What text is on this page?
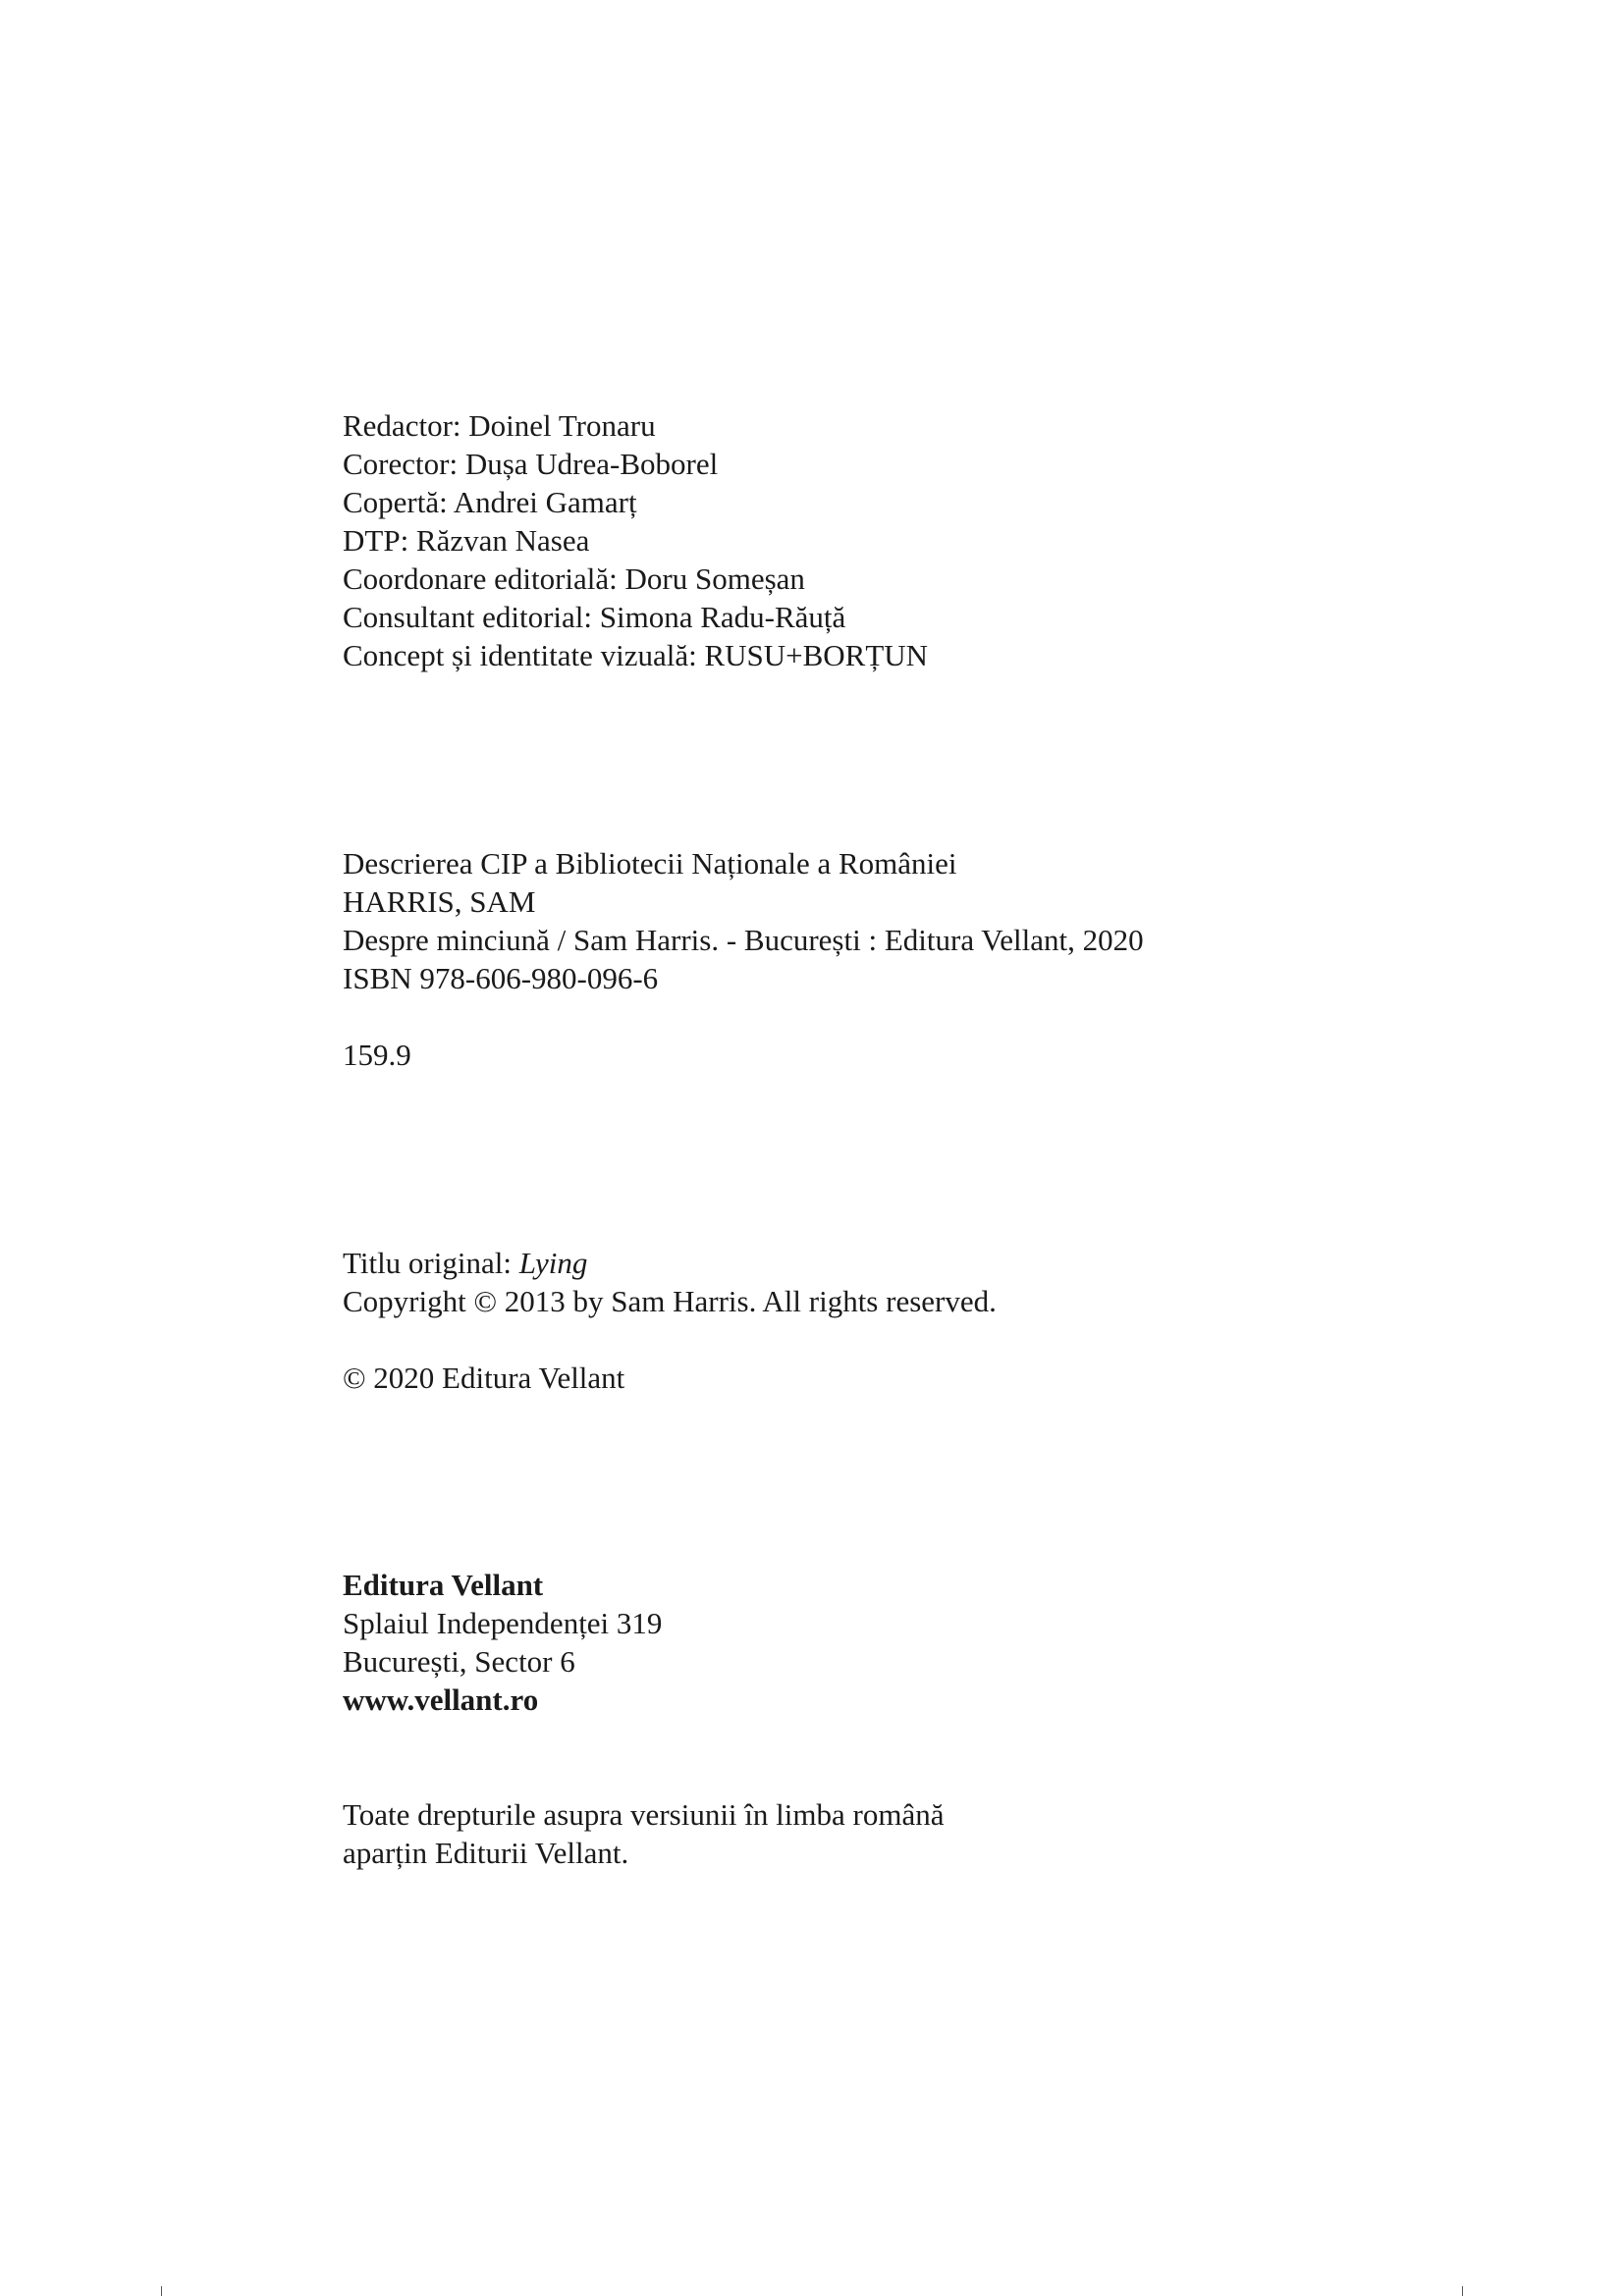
Redactor: Doinel Tronaru
Corector: Dușa Udrea-Boborel
Copertă: Andrei Gamarț
DTP: Răzvan Nasea
Coordonare editorială: Doru Someșan
Consultant editorial: Simona Radu-Răuță
Concept și identitate vizuală: RUSU+BORȚUN
Descrierea CIP a Bibliotecii Naționale a României
HARRIS, SAM
Despre minciună / Sam Harris. - București : Editura Vellant, 2020
ISBN 978-606-980-096-6
159.9
Titlu original: Lying
Copyright © 2013 by Sam Harris. All rights reserved.
© 2020 Editura Vellant
Editura Vellant
Splaiul Independenței 319
București, Sector 6
www.vellant.ro
Toate drepturile asupra versiunii în limba română
aparțin Editurii Vellant.
